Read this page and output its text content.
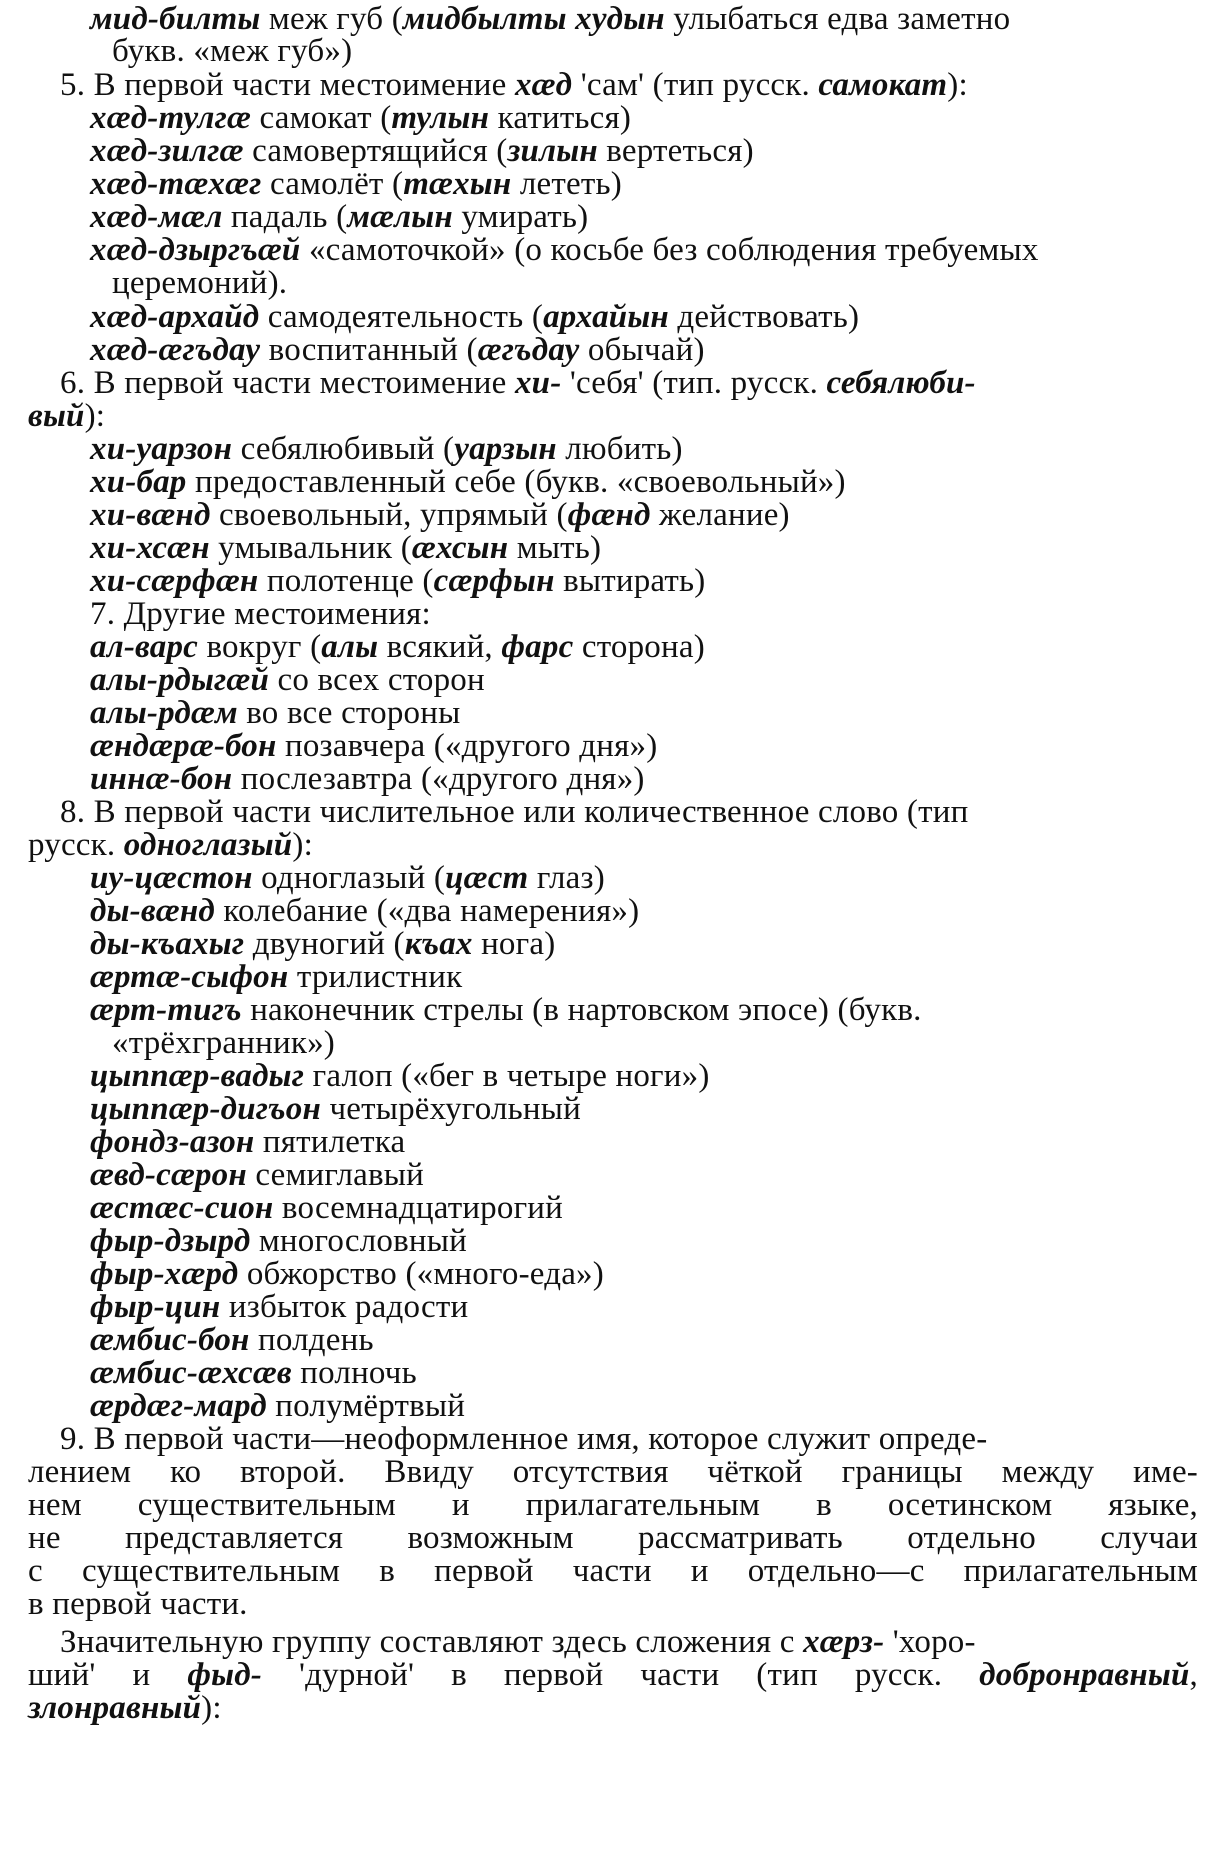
мид-билты меж губ (мидбылты худын улыбаться едва заметно
букв. «меж губ»)
5. В первой части местоимение хæд 'сам' (тип русск. самокат):
хæд-тулгæ самокат (тулын катиться)
хæд-зилгæ самовертящийся (зилын вертеться)
хæд-тæхæг самолёт (тæхын лететь)
хæд-мæл падаль (мæлын умирать)
хæд-дзыргъæй «самоточкой» (о косьбе без соблюдения требуемых
церемоний).
хæд-архайд самодеятельность (архайын действовать)
хæд-æгъдау воспитанный (æгъдау обычай)
6. В первой части местоимение хи- 'себя' (тип. русск. себялюби-
вый):
хи-уарзон себялюбивый (уарзын любить)
хи-бар предоставленный себе (букв. «своевольный»)
хи-вæнд своевольный, упрямый (фæнд желание)
хи-хсæн умывальник (æхсын мыть)
хи-сæрфæн полотенце (сæрфын вытирать)
7. Другие местоимения:
ал-варс вокруг (алы всякий, фарс сторона)
алы-рдыгæй со всех сторон
алы-рдæм во все стороны
æндæрæ-бон позавчера («другого дня»)
иннæ-бон послезавтра («другого дня»)
8. В первой части числительное или количественное слово (тип
русск. одноглазый):
иу-цæстон одноглазый (цæст глаз)
ды-вæнд колебание («два намерения»)
ды-къахыг двуногий (къах нога)
æртæ-сыфон трилистник
æрт-тигъ наконечник стрелы (в нартовском эпосе) (букв.
«трёхгранник»)
цыппæр-вадыг галоп («бег в четыре ноги»)
цыппæр-дигъон четырёхугольный
фондз-азон пятилетка
æвд-сæрон семиглавый
æстæс-сион восемнадцатирогий
фыр-дзырд многословный
фыр-хæрд обжорство («много-еда»)
фыр-цин избыток радости
æмбис-бон полдень
æмбис-æхсæв полночь
æрдæг-мард полумёртвый
9. В первой части—неоформленное имя, которое служит опреде-
лением ко второй. Ввиду отсутствия чёткой границы между име-
нем существительным и прилагательным в осетинском языке,
не представляется возможным рассматривать отдельно случаи
с существительным в первой части и отдельно—с прилагательным
в первой части.
Значительную группу составляют здесь сложения с хæрз- 'хоро-
ший' и фыд- 'дурной' в первой части (тип русск. добронравный,
злонравный):
